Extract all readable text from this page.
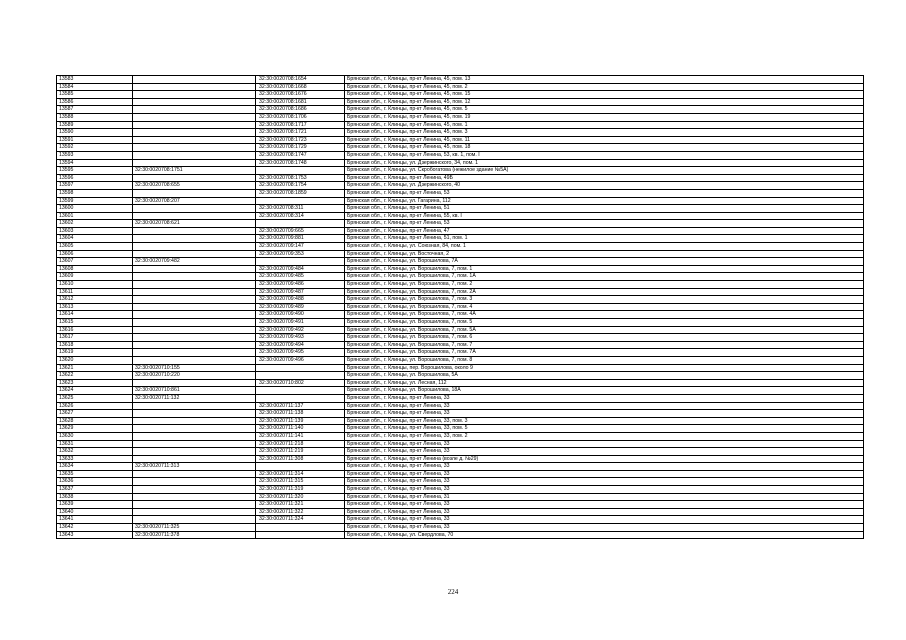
13583		32:30:0020708:1654	Брянская обл., г. Клинцы, пр-кт Ленина, 45, пом. 13
13584		32:30:0020708:1668	Брянская обл., г. Клинцы, пр-кт Ленина, 45, пом. 2
13585		32:30:0020708:1676	Брянская обл., г. Клинцы, пр-кт Ленина, 45, пом. 15
13586		32:30:0020708:1681	Брянская обл., г. Клинцы, пр-кт Ленина, 45, пом. 12
13587		32:30:0020708:1686	Брянская обл., г. Клинцы, пр-кт Ленина, 45, пом. 5
13588		32:30:0020708:1706	Брянская обл., г. Клинцы, пр-кт Ленина, 45, пом. 19
13589		32:30:0020708:1717	Брянская обл., г. Клинцы, пр-кт Ленина, 45, пом. 1
13590		32:30:0020708:1721	Брянская обл., г. Клинцы, пр-кт Ленина, 45, пом. 3
13591		32:30:0020708:1723	Брянская обл., г. Клинцы, пр-кт Ленина, 45, пом. 11
13592		32:30:0020708:1729	Брянская обл., г. Клинцы, пр-кт Ленина, 45, пом. 18
13593		32:30:0020708:1747	Брянская обл., г. Клинцы, пр-кт Ленина, 53, кв. 1, пом. I
13594		32:30:0020708:1748	Брянская обл., г. Клинцы, ул. Дзержинского, 34, пом. 1
13595	32:30:0020708:1751		Брянская обл., г. Клинцы, ул. Скробогатова (нежилое здание №5А)
13596		32:30:0020708:1753	Брянская обл., г. Клинцы, пр-кт Ленина, 49Б
13597	32:30:0020708:655	32:30:0020708:1754	Брянская обл., г. Клинцы, ул. Дзержинского, 40
13598		32:30:0020708:1859	Брянская обл., г. Клинцы, пр-кт Ленина, 53
13599	32:30:0020708:207		Брянская обл., г. Клинцы, ул. Гагарина, 112
13600		32:30:0020708:311	Брянская обл., г. Клинцы, пр-кт Ленина, 51
13601		32:30:0020708:314	Брянская обл., г. Клинцы, пр-кт Ленина, 55, кв. I
13602	32:30:0020708:621		Брянская обл., г. Клинцы, пр-кт Ленина, 53
13603		32:30:0020709:665	Брянская обл., г. Клинцы, пр-кт Ленина, 47
13604		32:30:0020709:881	Брянская обл., г. Клинцы, пр-кт Ленина, 51, пом. 1
13605		32:30:0020709:147	Брянская обл., г. Клинцы, ул. Союзная, 84, пом. 1
13606		32:30:0020709:353	Брянская обл., г. Клинцы, ул. Восточная, 2
13607	32:30:0020709:482		Брянская обл., г. Клинцы, ул. Ворошилова, 7А
13608		32:30:0020709:484	Брянская обл., г. Клинцы, ул. Ворошилова, 7, пом. 1
13609		32:30:0020709:485	Брянская обл., г. Клинцы, ул. Ворошилова, 7, пом. 1А
13610		32:30:0020709:486	Брянская обл., г. Клинцы, ул. Ворошилова, 7, пом. 2
13611		32:30:0020709:487	Брянская обл., г. Клинцы, ул. Ворошилова, 7, пом. 2А
13612		32:30:0020709:488	Брянская обл., г. Клинцы, ул. Ворошилова, 7, пом. 3
13613		32:30:0020709:489	Брянская обл., г. Клинцы, ул. Ворошилова, 7, пом. 4
13614		32:30:0020709:490	Брянская обл., г. Клинцы, ул. Ворошилова, 7, пом. 4А
13615		32:30:0020709:491	Брянская обл., г. Клинцы, ул. Ворошилова, 7, пом. 5
13616		32:30:0020709:492	Брянская обл., г. Клинцы, ул. Ворошилова, 7, пом. 5А
13617		32:30:0020709:493	Брянская обл., г. Клинцы, ул. Ворошилова, 7, пом. 6
13618		32:30:0020709:494	Брянская обл., г. Клинцы, ул. Ворошилова, 7, пом. 7
13619		32:30:0020709:495	Брянская обл., г. Клинцы, ул. Ворошилова, 7, пом. 7А
13620		32:30:0020709:496	Брянская обл., г. Клинцы, ул. Ворошилова, 7, пом. 8
13621	32:30:0020710:155		Брянская обл., г. Клинцы, пер. Ворошилова, около 9
13622	32:30:0020710:220		Брянская обл., г. Клинцы, ул. Ворошилова, 5А
13623		32:30:0020710:802	Брянская обл., г. Клинцы, ул. Лесная, 112
13624	32:30:0020710:861		Брянская обл., г. Клинцы, ул. Ворошилова, 18А
13625	32:30:0020711:132		Брянская обл., г. Клинцы, пр-кт Ленина, 33
13626		32:30:0020711:137	Брянская обл., г. Клинцы, пр-кт Ленина, 33
13627		32:30:0020711:138	Брянская обл., г. Клинцы, пр-кт Ленина, 33
13628		32:30:0020711:139	Брянская обл., г. Клинцы, пр-кт Ленина, 33, пом. 3
13629		32:30:0020711:140	Брянская обл., г. Клинцы, пр-кт Ленина, 33, пом. 5
13630		32:30:0020711:141	Брянская обл., г. Клинцы, пр-кт Ленина, 33, пом. 2
13631		32:30:0020711:218	Брянская обл., г. Клинцы, пр-кт Ленина, 33
13632		32:30:0020711:219	Брянская обл., г. Клинцы, пр-кт Ленина, 33
13633		32:30:0020711:308	Брянская обл., г. Клинцы, пр-кт Ленина (возле д. №29)
13634	32:30:0020711:313		Брянская обл., г. Клинцы, пр-кт Ленина, 33
13635		32:30:0020711:314	Брянская обл., г. Клинцы, пр-кт Ленина, 33
13636		32:30:0020711:315	Брянская обл., г. Клинцы, пр-кт Ленина, 33
13637		32:30:0020711:319	Брянская обл., г. Клинцы, пр-кт Ленина, 33
13638		32:30:0020711:320	Брянская обл., г. Клинцы, пр-кт Ленина, 31
13639		32:30:0020711:321	Брянская обл., г. Клинцы, пр-кт Ленина, 33
13640		32:30:0020711:322	Брянская обл., г. Клинцы, пр-кт Ленина, 33
13641		32:30:0020711:324	Брянская обл., г. Клинцы, пр-кт Ленина, 33
13642	32:30:0020711:325		Брянская обл., г. Клинцы, пр-кт Ленина, 33
13643	32:30:0020711:378		Брянская обл., г. Клинцы, ул. Свердлова, 70
224
